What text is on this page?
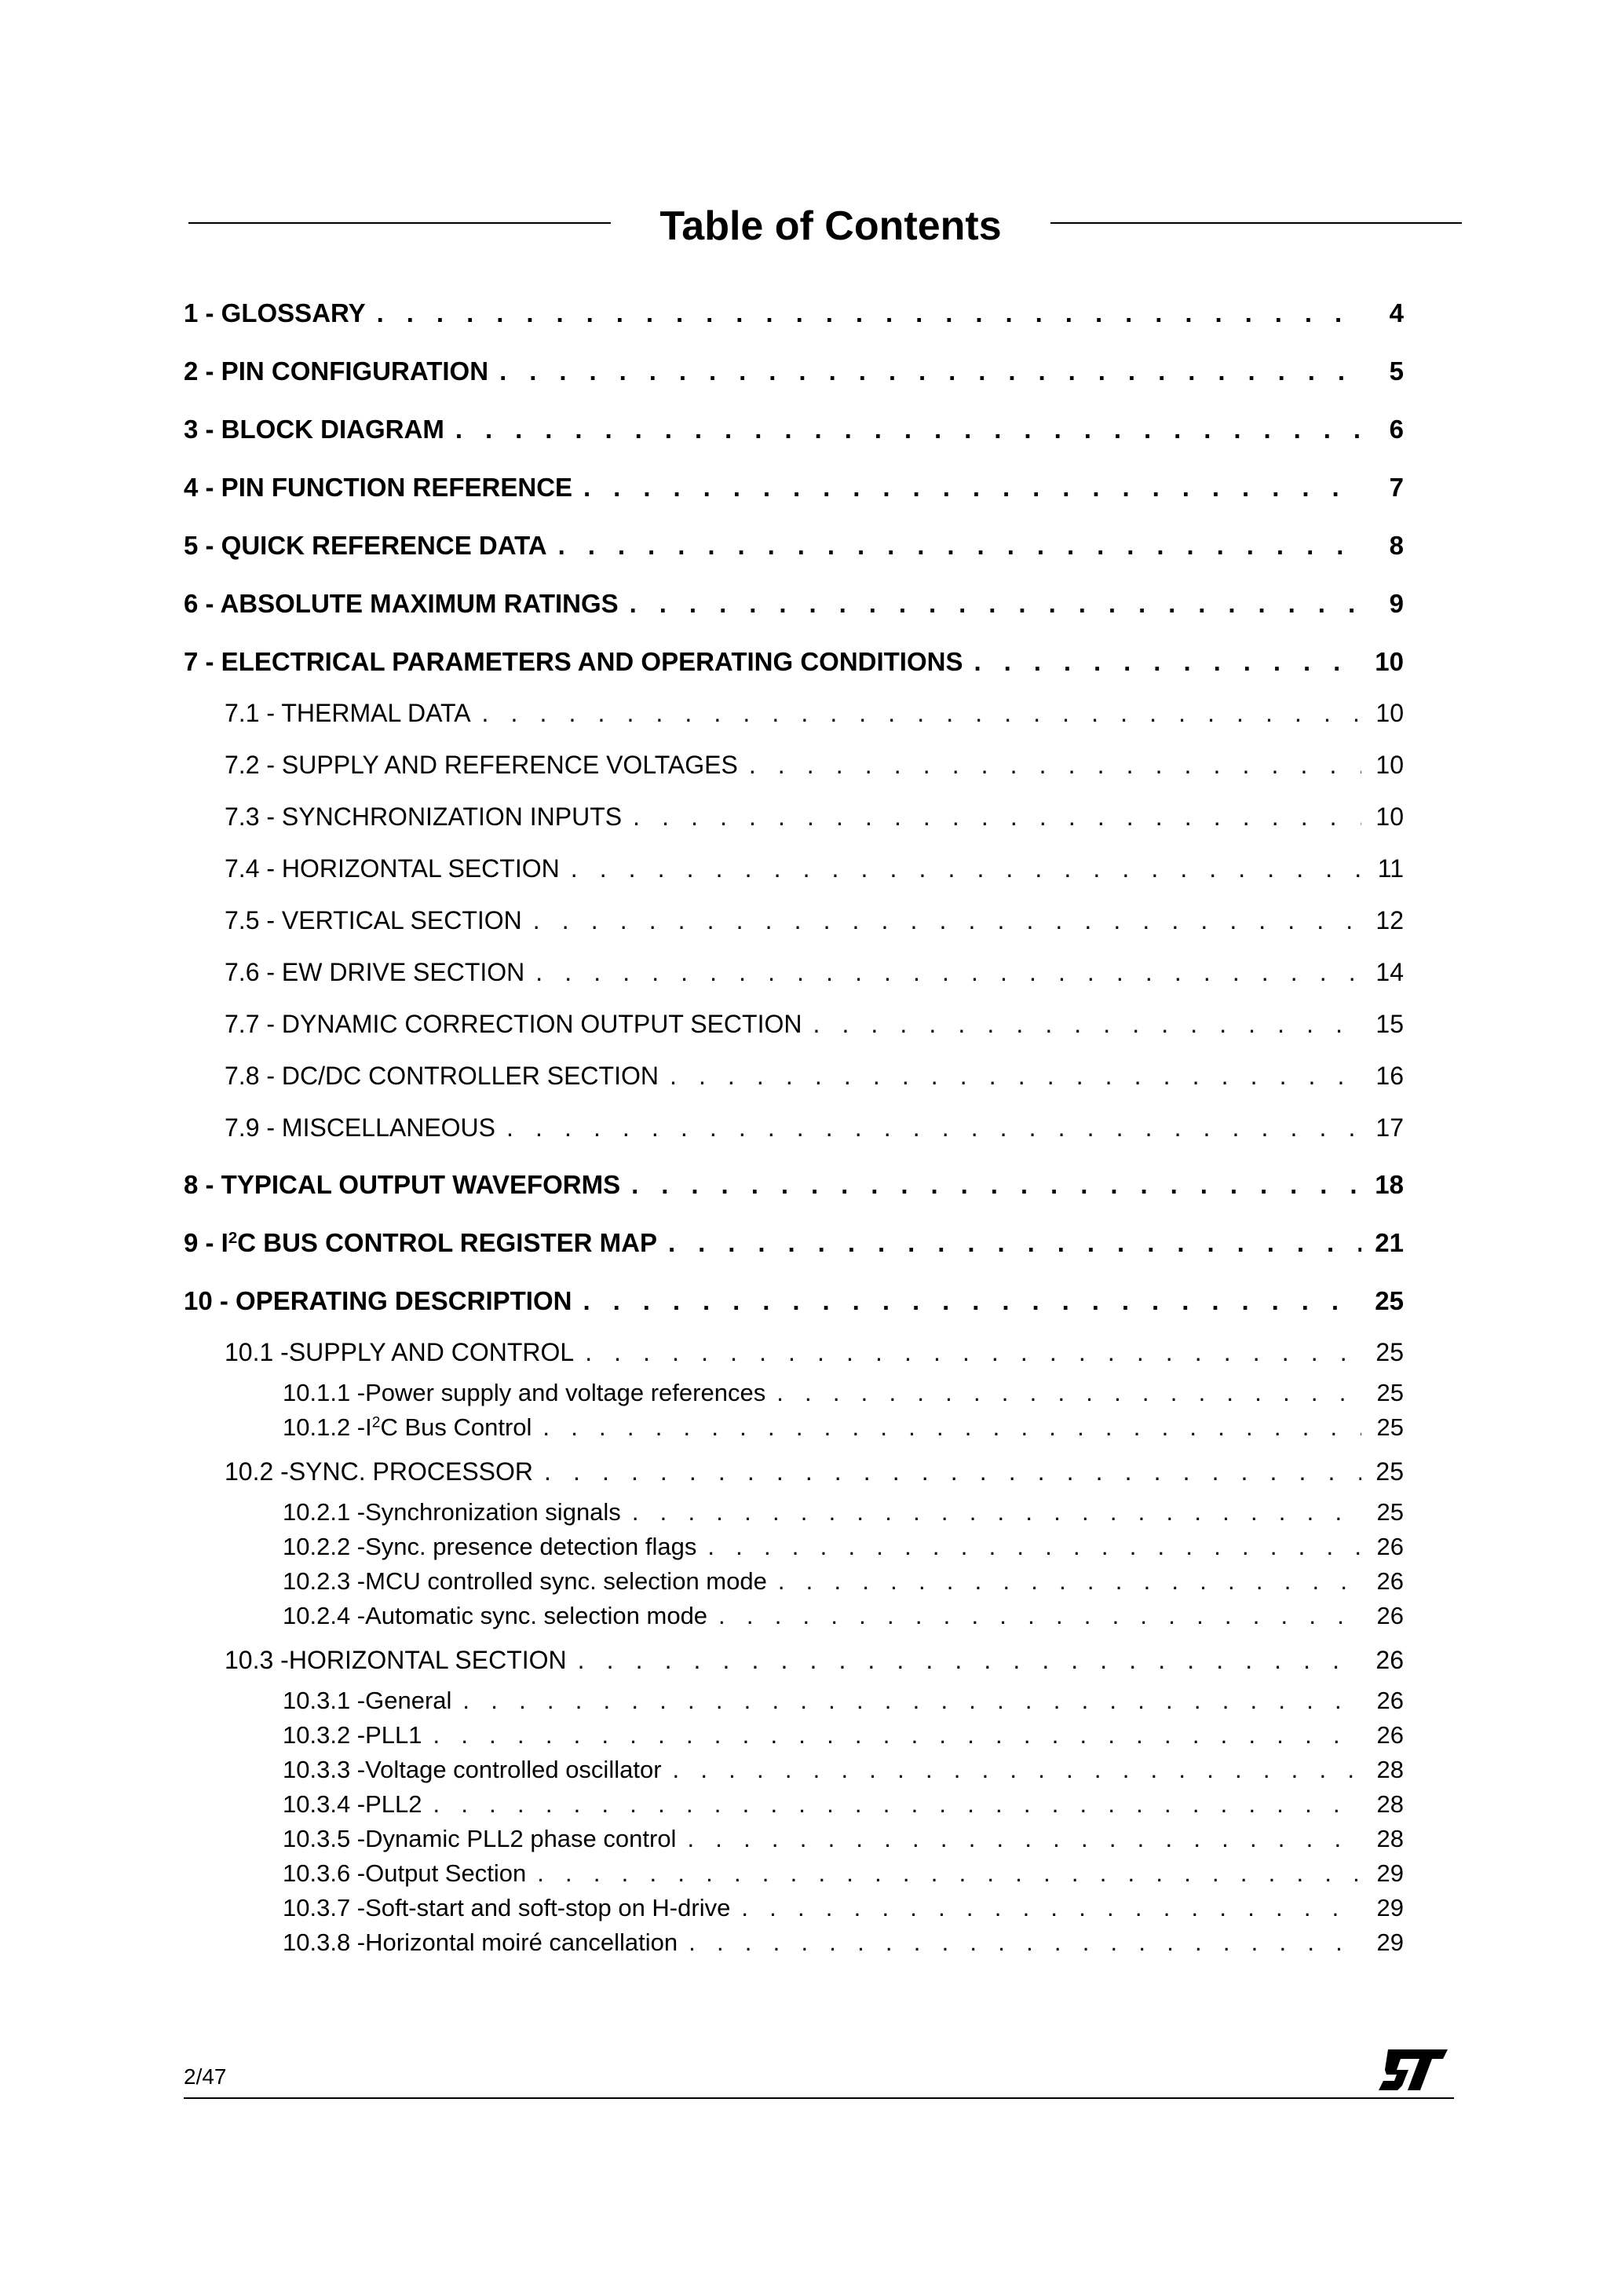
Table of Contents
1 - GLOSSARY . . .	4
2 - PIN CONFIGURATION . . .	5
3 - BLOCK DIAGRAM . . .	6
4 - PIN FUNCTION REFERENCE . . .	7
5 - QUICK REFERENCE DATA . . .	8
6 - ABSOLUTE MAXIMUM RATINGS . . .	9
7 - ELECTRICAL PARAMETERS AND OPERATING CONDITIONS . . .	10
7.1 - THERMAL DATA . . .	10
7.2 - SUPPLY AND REFERENCE VOLTAGES . . .	10
7.3 - SYNCHRONIZATION INPUTS . . .	10
7.4 - HORIZONTAL SECTION . . .	11
7.5 - VERTICAL SECTION . . .	12
7.6 - EW DRIVE SECTION . . .	14
7.7 - DYNAMIC CORRECTION OUTPUT SECTION . . .	15
7.8 - DC/DC CONTROLLER SECTION . . .	16
7.9 - MISCELLANEOUS . . .	17
8 - TYPICAL OUTPUT WAVEFORMS . . .	18
$9 - I^2C$ BUS CONTROL REGISTER MAP . . .	21
10 - OPERATING DESCRIPTION . . .	25
10.1 -SUPPLY AND CONTROL . . .	25
10.1.1 -Power supply and voltage references . . .	25
10.1.2 $-I^2C$ Bus Control . . .	25
10.2 -SYNC. PROCESSOR . . .	25
10.2.1 -Synchronization signals . . .	25
10.2.2 -Sync. presence detection flags . . .	26
10.2.3 -MCU controlled sync. selection mode . . .	26
10.2.4 -Automatic sync. selection mode . . .	26
10.3 -HORIZONTAL SECTION . . .	26
10.3.1 -General . . .	26
10.3.2 -PLL1 . . .	26
10.3.3 -Voltage controlled oscillator . . .	28
10.3.4 -PLL2 . . .	28
10.3.5 -Dynamic PLL2 phase control . . .	28
10.3.6 -Output Section . . .	29
10.3.7 -Soft-start and soft-stop on H-drive . . .	29
10.3.8 -Horizontal moiré cancellation . . .	29
2/47
